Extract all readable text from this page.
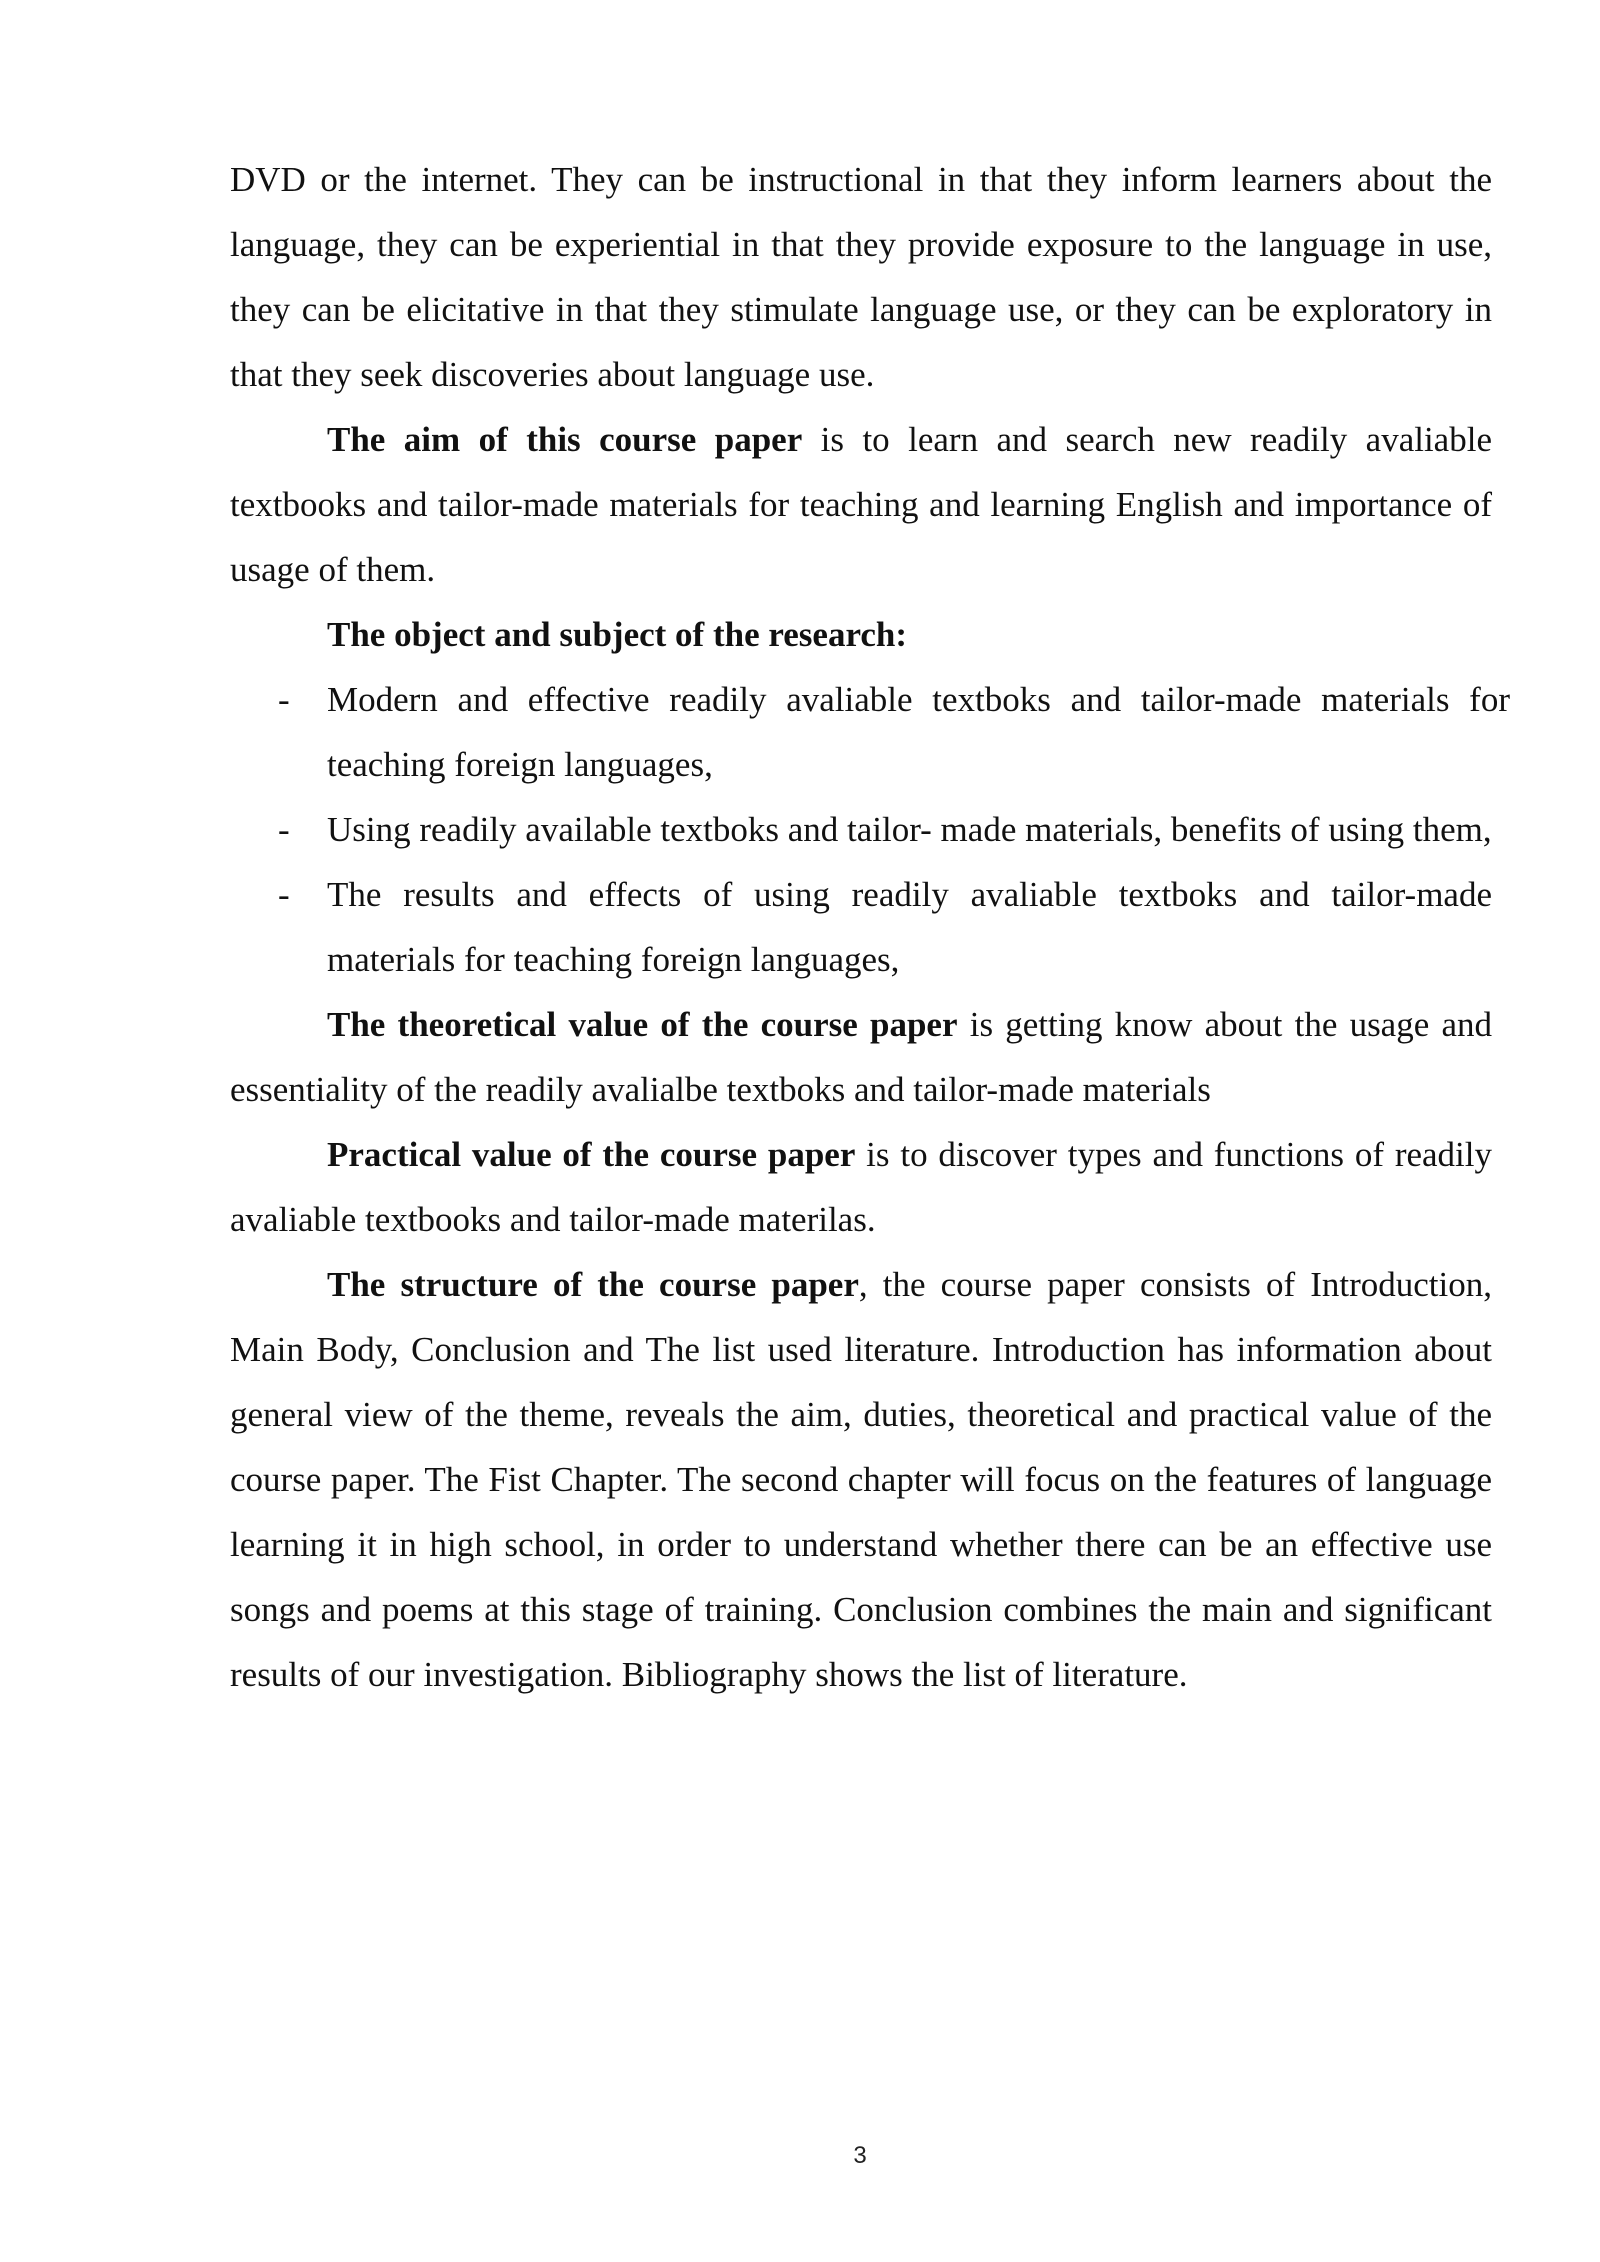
DVD or the internet. They can be instructional in that they inform learners about the language, they can be experiential in that they provide exposure to the language in use, they can be elicitative in that they stimulate language use, or they can be exploratory in that they seek discoveries about language use.

The aim of this course paper is to learn and search new readily avaliable textbooks and tailor-made materials for teaching and learning English and importance of usage of them.

The object and subject of the research:

- Modern and effective readily avaliable textboks and tailor-made materials for teaching foreign languages,
- Using readily available textboks and tailor- made materials, benefits of using them,
- The results and effects of using readily avaliable textboks and tailor-made materials for teaching foreign languages,

The theoretical value of the course paper is getting know about the usage and essentiality of the readily avalialbe textboks and tailor-made materials

Practical value of the course paper is to discover types and functions of readily avaliable textbooks and tailor-made materilas.

The structure of the course paper, the course paper consists of Introduction, Main Body, Conclusion and The list used literature. Introduction has information about general view of the theme, reveals the aim, duties, theoretical and practical value of the course paper. The Fist Chapter. The second chapter will focus on the features of language learning it in high school, in order to understand whether there can be an effective use songs and poems at this stage of training. Conclusion combines the main and significant results of our investigation. Bibliography shows the list of literature.

3
